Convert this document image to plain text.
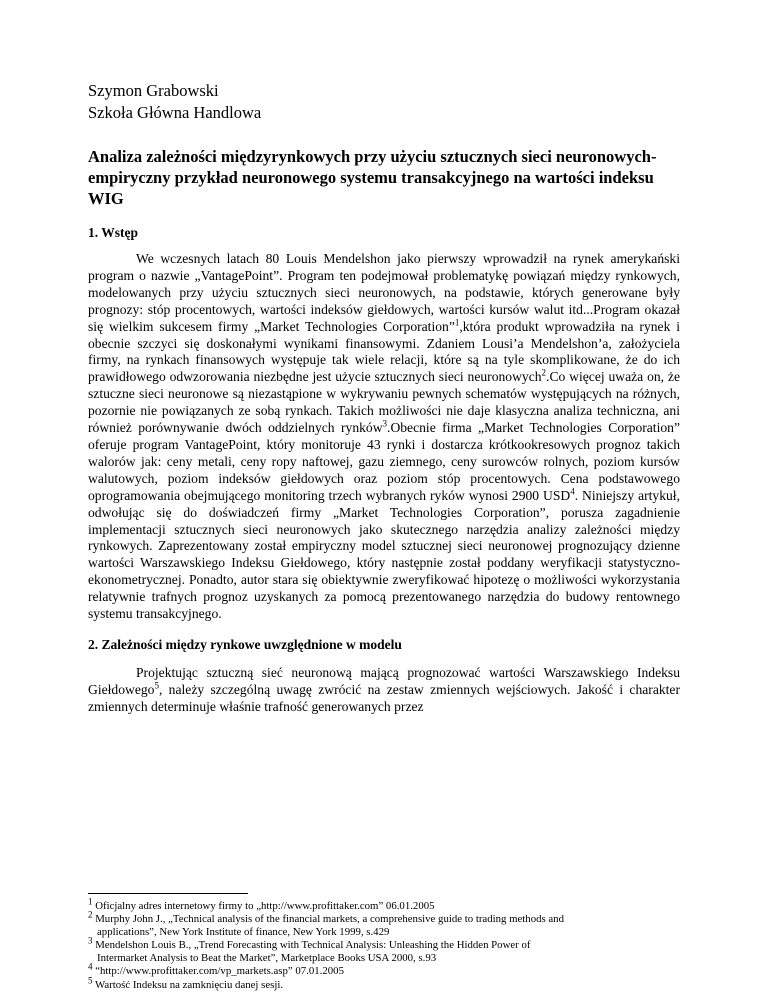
Szymon Grabowski
Szkoła Główna Handlowa
Analiza zależności międzyrynkowych przy użyciu sztucznych sieci neuronowych- empiryczny przykład neuronowego systemu transakcyjnego na wartości indeksu WIG
1. Wstęp

We wczesnych latach 80 Louis Mendelshon jako pierwszy wprowadził na rynek amerykański program o nazwie „VantagePoint”. Program ten podejmował problematykę powiązań między rynkowych, modelowanych przy użyciu sztucznych sieci neuronowych, na podstawie, których generowane były prognozy: stóp procentowych, wartości indeksów giełdowych, wartości kursów walut itd...Program okazał się wielkim sukcesem firmy „Market Technologies Corporation”$^1$,która produkt wprowadziła na rynek i obecnie szczyci się doskonałymi wynikami finansowymi. Zdaniem Lousi’a Mendelshon’a, założyciela firmy, na rynkach finansowych występuje tak wiele relacji, które są na tyle skomplikowane, że do ich prawidłowego odwzorowania niezbędne jest użycie sztucznych sieci neuronowych$^2$.Co więcej uważa on, że sztuczne sieci neuronowe są niezastąpione w wykrywaniu pewnych schematów występujących na różnych, pozornie nie powiązanych ze sobą rynkach. Takich możliwości nie daje klasyczna analiza techniczna, ani również porównywanie dwóch oddzielnych rynków$^3$.Obecnie firma „Market Technologies Corporation” oferuje program VantagePoint, który monitoruje 43 rynki i dostarcza krótkookresowych prognoz takich walorów jak: ceny metali, ceny ropy naftowej, gazu ziemnego, ceny surowców rolnych, poziom kursów walutowych, poziom indeksów giełdowych oraz poziom stóp procentowych. Cena podstawowego oprogramowania obejmującego monitoring trzech wybranych ryków wynosi 2900 USD$^4$. Niniejszy artykuł, odwołując się do doświadczeń firmy „Market Technologies Corporation”, porusza zagadnienie implementacji sztucznych sieci neuronowych jako skutecznego narzędzia analizy zależności między rynkowych. Zaprezentowany został empiryczny model sztucznej sieci neuronowej prognozujący dzienne wartości Warszawskiego Indeksu Giełdowego, który następnie został poddany weryfikacji statystyczno- ekonometrycznej. Ponadto, autor stara się obiektywnie zweryfikować hipotezę o możliwości wykorzystania relatywnie trafnych prognoz uzyskanych za pomocą prezentowanego narzędzia do budowy rentownego systemu transakcyjnego.

2. Zależności między rynkowe uwzględnione w modelu

Projektując sztuczną sieć neuronową mającą prognozować wartości Warszawskiego Indeksu Giełdowego$^5$, należy szczególną uwagę zwrócić na zestaw zmiennych wejściowych. Jakość i charakter zmiennych determinuje właśnie trafność generowanych przez

$^1$ Oficjalny adres internetowy firmy to „http://www.profittaker.com” 06.01.2005
$^2$ Murphy John J., „Technical analysis of the financial markets, a comprehensive guide to trading methods and
applications”, New York Institute of finance, New York 1999, s.429
$^3$ Mendelshon Louis B., „Trend Forecasting with Technical Analysis: Unleashing the Hidden Power of
Intermarket Analysis to Beat the Market”, Marketplace Books USA 2000, s.93
$^4$ “http://www.profittaker.com/vp_markets.asp” 07.01.2005
$^5$ Wartość Indeksu na zamknięciu danej sesji.
